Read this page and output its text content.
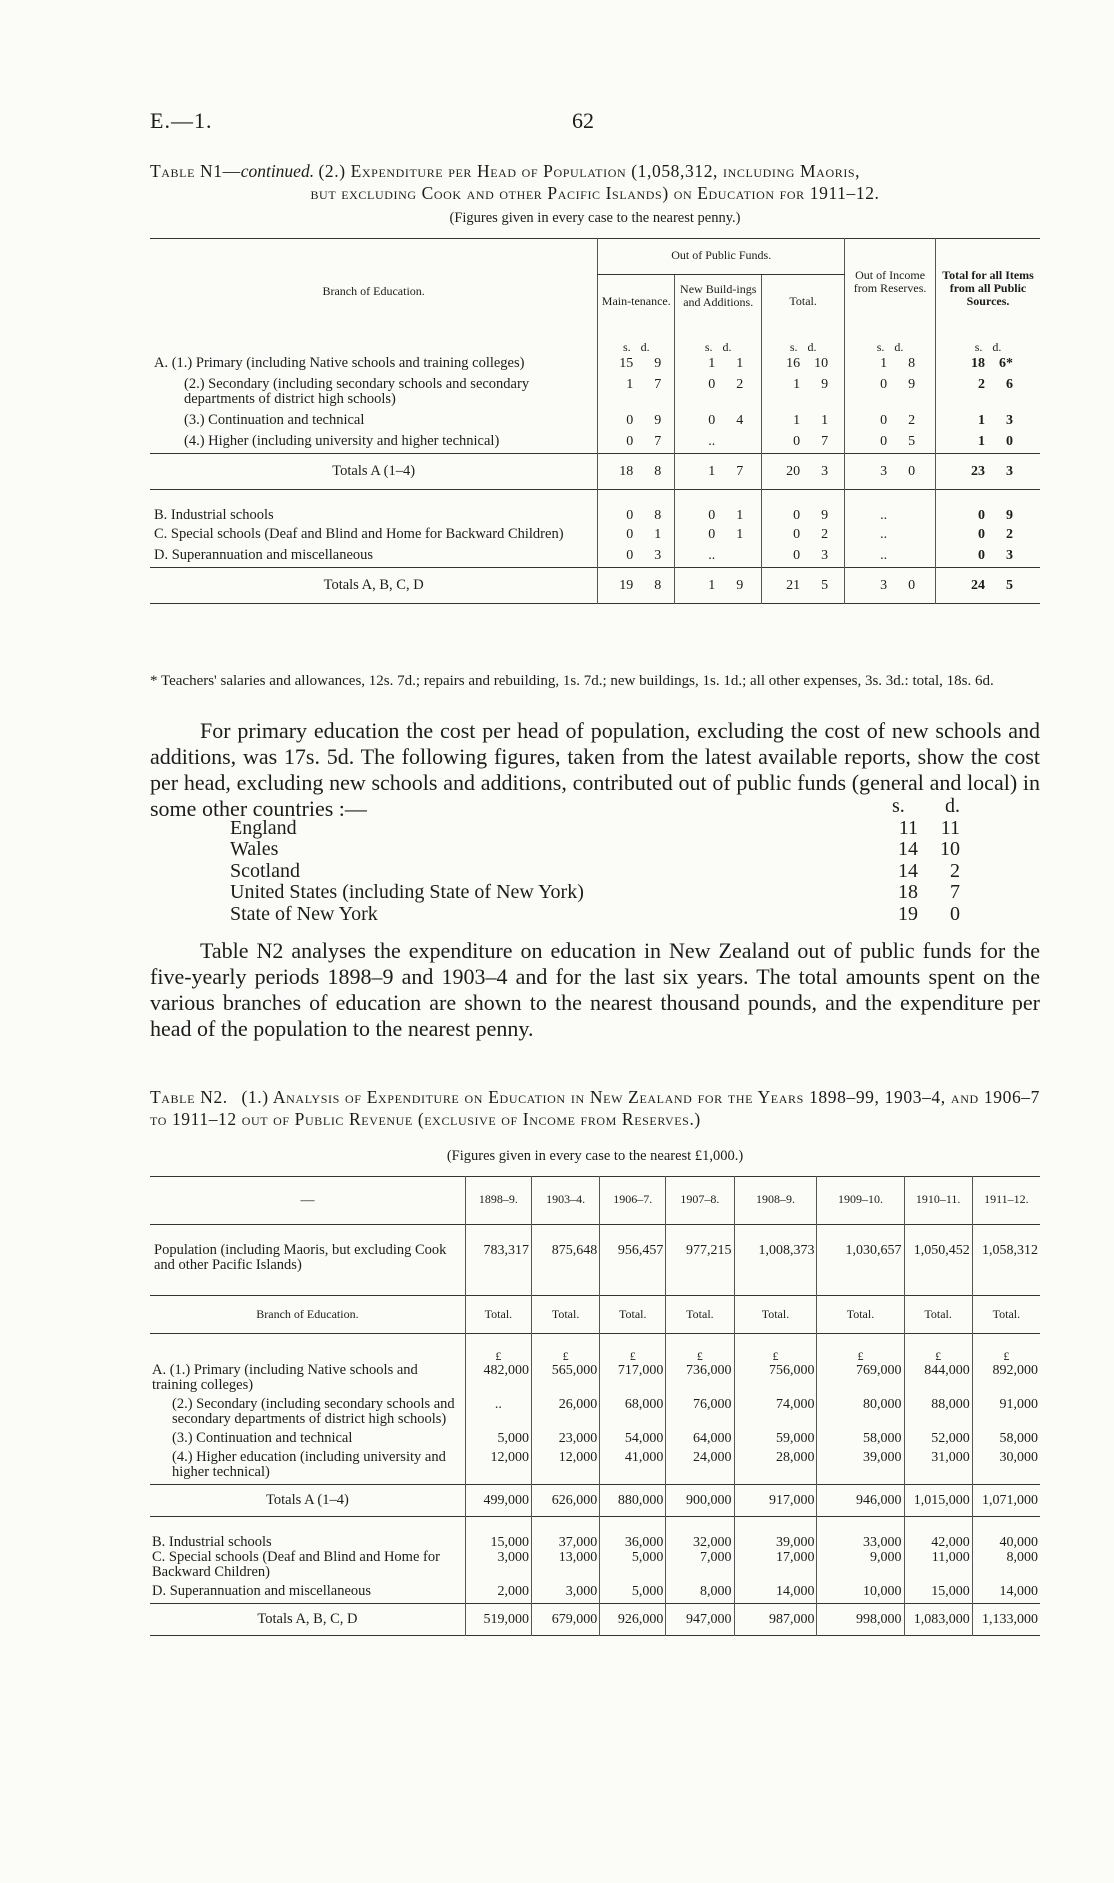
E.—1.	62
Table N1—continued. (2.) Expenditure per Head of Population (1,058,312, including Maoris,
but excluding Cook and other Pacific Islands) on Education for 1911–12.
(Figures given in every case to the nearest penny.)
Branch of Education.	Out of Public Funds.			Out of Income from Reserves.	Total for all Items from all Public Sources.
	Main-tenance.	New Build-ings and Additions.	Total.		
	s. d.	s. d.	s. d.	s. d.	s. d.
A. (1.) Primary (including Native schools and training colleges)	15 9	1 1	16 10	1 8	18 6*
(2.) Secondary (including secondary schools and secondary departments of district high schools)	1 7	0 2	1 9	0 9	2 6
(3.) Continuation and technical	0 9	0 4	1 1	0 2	1 3
(4.) Higher (including university and higher technical)	0 7	..	0 7	0 5	1 0
Totals A (1–4)	18 8	1 7	20 3	3 0	23 3
B. Industrial schools	0 8	0 1	0 9	..	0 9
C. Special schools (Deaf and Blind and Home for Backward Children)	0 1	0 1	0 2	..	0 2
D. Superannuation and miscellaneous	0 3	..	0 3	..	0 3
Totals A, B, C, D	19 8	1 9	21 5	3 0	24 5
* Teachers' salaries and allowances, 12s. 7d.; repairs and rebuilding, 1s. 7d.; new buildings, 1s. 1d.; all other expenses, 3s. 3d.: total, 18s. 6d.
For primary education the cost per head of population, excluding the cost of new schools and additions, was 17s. 5d. The following figures, taken from the latest available reports, show the cost per head, excluding new schools and additions, contributed out of public funds (general and local) in some other countries :—	s. d.
England	11	11
Wales	14	10
Scotland	14	2
United States (including State of New York)	18	7
State of New York	19	0
Table N2 analyses the expenditure on education in New Zealand out of public funds for the five-yearly periods 1898–9 and 1903–4 and for the last six years. The total amounts spent on the various branches of education are shown to the nearest thousand pounds, and the expenditure per head of the population to the nearest penny.
Table N2. (1.) Analysis of Expenditure on Education in New Zealand for the Years 1898–99, 1903–4, and 1906–7 to 1911–12 out of Public Revenue (exclusive of Income from Reserves.)
(Figures given in every case to the nearest £1,000.)
—	1898–9.	1903–4.	1906–7.	1907–8.	1908–9.	1909–10.	1910–11.	1911–12.
Population (including Maoris, but excluding Cook and other Pacific Islands)	783,317	875,648	956,457	977,215	1,008,373	1,030,657	1,050,452	1,058,312
Branch of Education.	Total.	Total.	Total.	Total.	Total.	Total.	Total.	Total.
	£	£	£	£	£	£	£	£
A. (1.) Primary (including Native schools and training colleges)	482,000	565,000	717,000	736,000	756,000	769,000	844,000	892,000
(2.) Secondary (including secondary schools and secondary departments of district high schools)	..	26,000	68,000	76,000	74,000	80,000	88,000	91,000
(3.) Continuation and technical	5,000	23,000	54,000	64,000	59,000	58,000	52,000	58,000
(4.) Higher education (including university and higher technical)	12,000	12,000	41,000	24,000	28,000	39,000	31,000	30,000
Totals A (1–4)	499,000	626,000	880,000	900,000	917,000	946,000	1,015,000	1,071,000
B. Industrial schools	15,000	37,000	36,000	32,000	39,000	33,000	42,000	40,000
C. Special schools (Deaf and Blind and Home for Backward Children)	3,000	13,000	5,000	7,000	17,000	9,000	11,000	8,000
D. Superannuation and miscellaneous	2,000	3,000	5,000	8,000	14,000	10,000	15,000	14,000
Totals A, B, C, D	519,000	679,000	926,000	947,000	987,000	998,000	1,083,000	1,133,000
